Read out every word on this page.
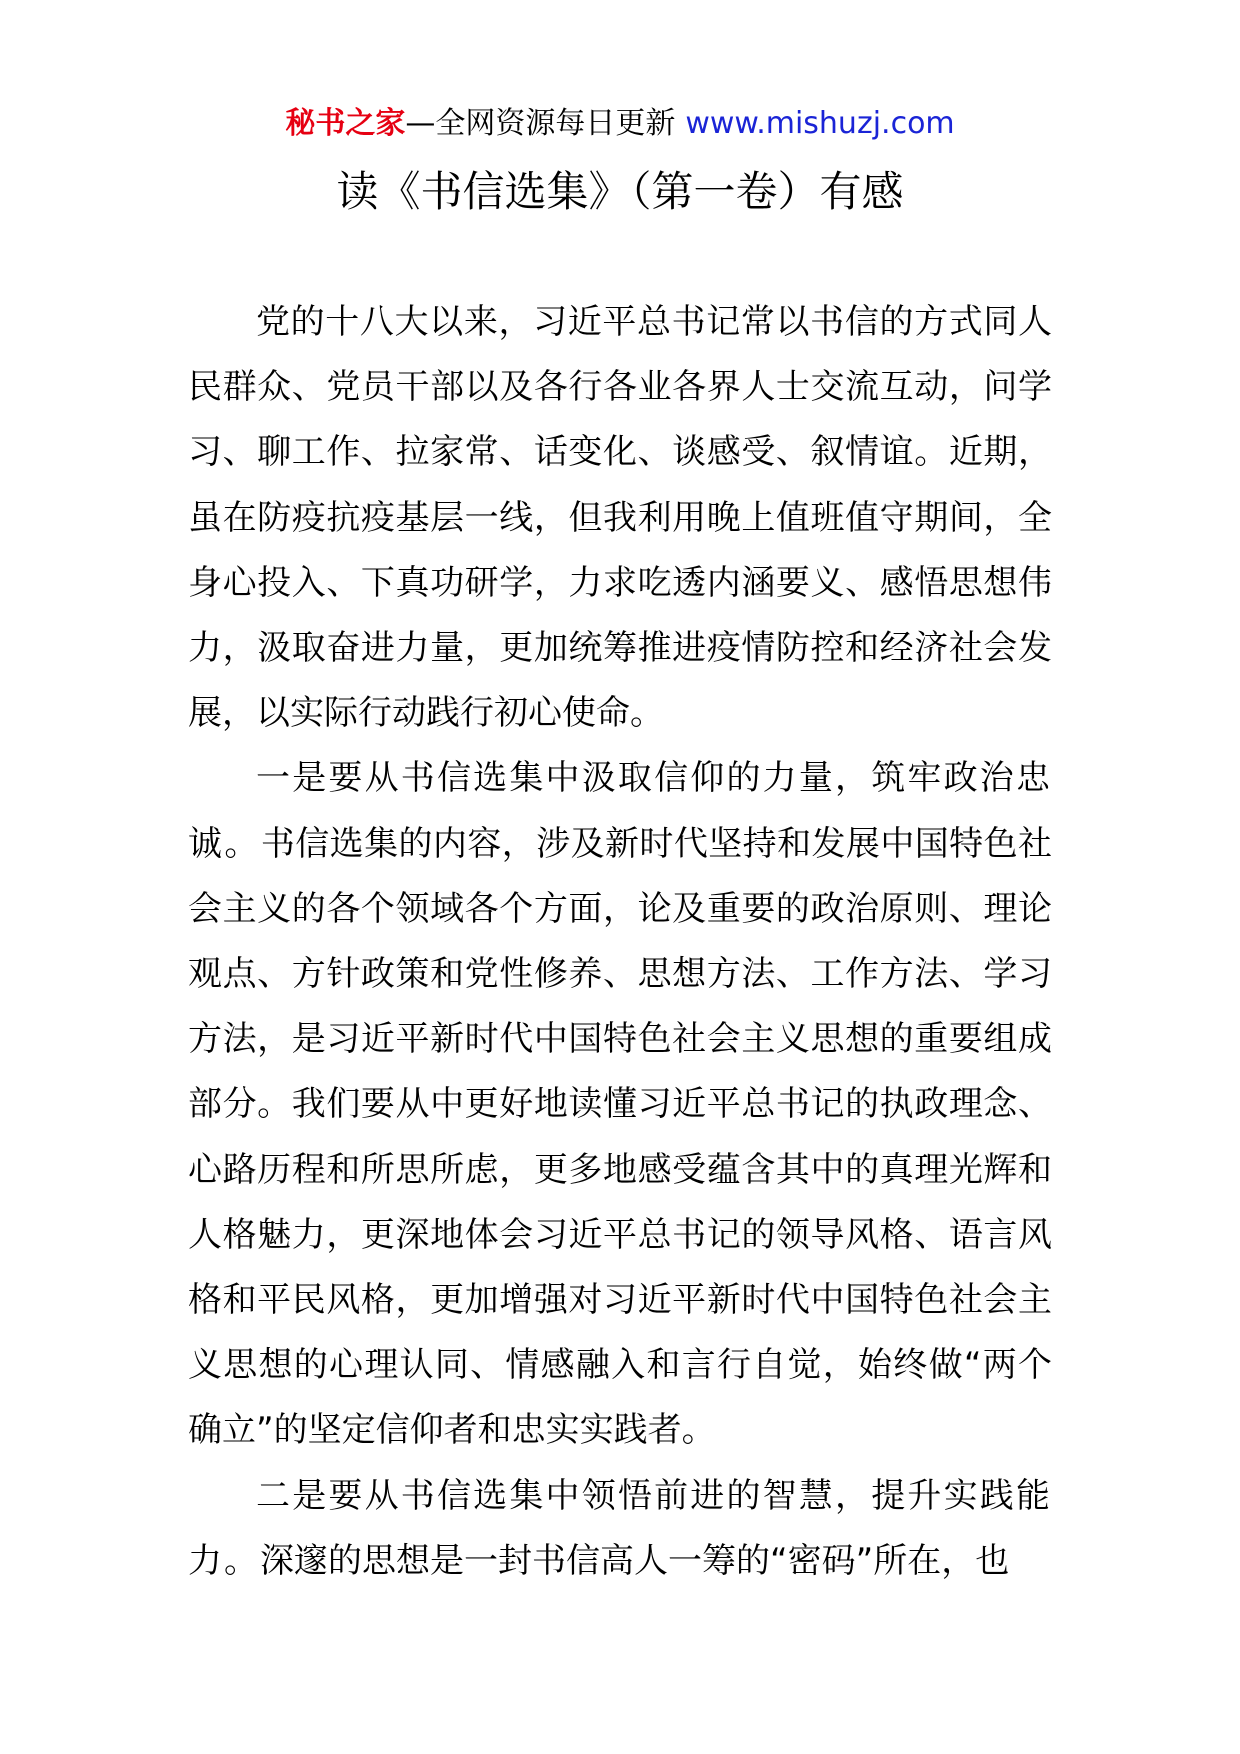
秘书之家—全网资源每日更新 www.mishuzj.com
读《书信选集》（第一卷）有感

党的十八大以来，习近平总书记常以书信的方式同人民群众、党员干部以及各行各业各界人士交流互动，问学习、聊工作、拉家常、话变化、谈感受、叙情谊。近期，虽在防疫抗疫基层一线，但我利用晚上值班值守期间，全身心投入、下真功研学，力求吃透内涵要义、感悟思想伟力，汲取奋进力量，更加统筹推进疫情防控和经济社会发展，以实际行动践行初心使命。

一是要从书信选集中汲取信仰的力量，筑牢政治忠诚。书信选集的内容，涉及新时代坚持和发展中国特色社会主义的各个领域各个方面，论及重要的政治原则、理论观点、方针政策和党性修养、思想方法、工作方法、学习方法，是习近平新时代中国特色社会主义思想的重要组成部分。我们要从中更好地读懂习近平总书记的执政理念、心路历程和所思所虑，更多地感受蕴含其中的真理光辉和人格魅力，更深地体会习近平总书记的领导风格、语言风格和平民风格，更加增强对习近平新时代中国特色社会主义思想的心理认同、情感融入和言行自觉，始终做“两个确立”的坚定信仰者和忠实实践者。

二是要从书信选集中领悟前进的智慧，提升实践能力。深邃的思想是一封书信高人一筹的“密码”所在，也
